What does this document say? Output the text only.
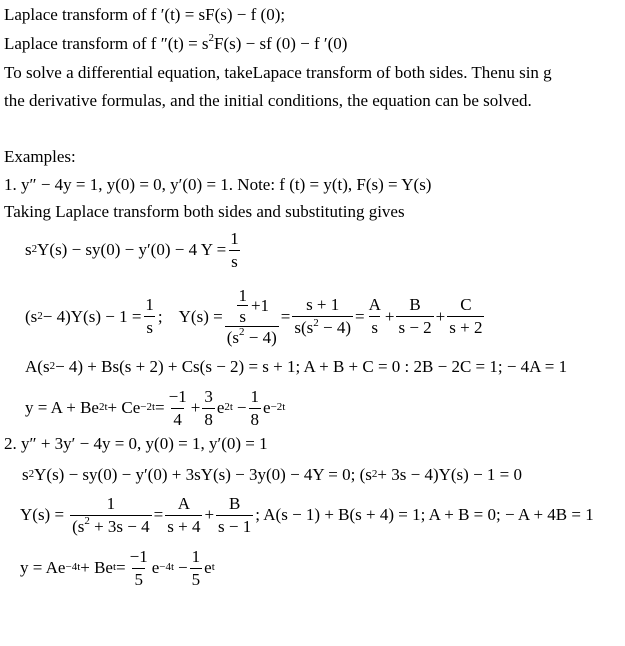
Laplace transform of f ′(t) = sF(s) − f (0);
Laplace transform of f $''(t) = s^2F(s)$ − sf (0) − f ′(0)
To solve a differential equation, takeLapace transform of both sides. Thenu sin g
the derivative formulas, and the initial conditions, the equation can be solved.
Examples:
1. y″ − 4y = 1, y(0) = 0, y′(0) = 1. Note: f (t) = y(t), F(s) = Y(s)
Taking Laplace transform both sides and substituting gives
$s^2$ Y(s) − sy(0) − y′(0) − 4 $Y = \frac{1}{s}$
$(s^2 - 4)Y(s) - 1 = \frac{1}{s}$ ; $Y(s) = \frac{\frac{1}{s} +1}{(s^2 - 4)} = \frac{s + 1}{s(s^2 - 4)} = \frac{A}{s} + \frac{B}{s - 2} + \frac{C}{s + 2}$
$A(s^2 - 4) + Bs(s + 2) + Cs(s - 2) = s + 1$; A + B + C = 0 : 2B − 2C = 1; − 4A = 1
$y = A + Be^{2t} + Ce^{-2t} = \frac{-1}{4} + \frac{3}{8} e^{2t} - \frac{1}{8} e^{-2t}$
2. y″ + 3y′ − 4y = 0, y(0) = 1, y′(0) = 1
$s^2$ Y(s) − sy(0) − y′(0) + 3sY(s) − 3y(0) − 4Y = 0; $(s^2 + 3s - 4)Y(s) - 1 = 0$
$Y(s) = \frac{1}{(s^2 + 3s - 4} = \frac{A}{s + 4} + \frac{B}{s - 1}$ ; A(s − 1) + B(s + 4) = 1; A + B = 0; − A + 4B = 1
$y = Ae^{-4t} + Be^t = \frac{-1}{5} e^{-4t} - \frac{1}{5} e^t$
